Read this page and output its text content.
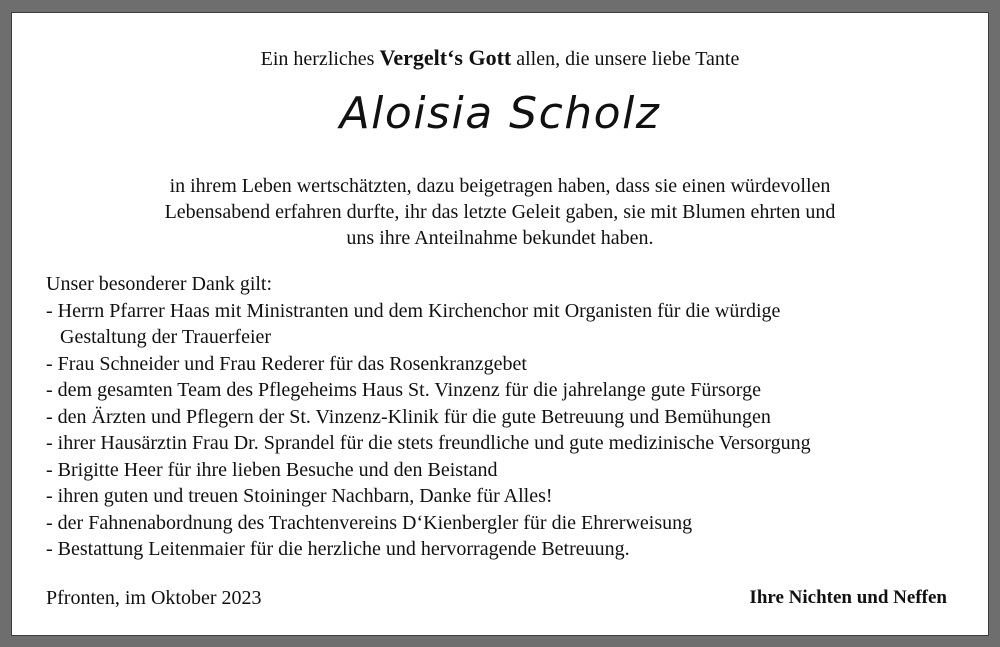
Ein herzliches Vergelt‘s Gott allen, die unsere liebe Tante
Aloisia Scholz
in ihrem Leben wertschätzten, dazu beigetragen haben, dass sie einen würdevollen
Lebensabend erfahren durfte, ihr das letzte Geleit gaben, sie mit Blumen ehrten und
uns ihre Anteilnahme bekundet haben.
Unser besonderer Dank gilt:
- Herrn Pfarrer Haas mit Ministranten und dem Kirchenchor mit Organisten für die würdige
Gestaltung der Trauerfeier
- Frau Schneider und Frau Rederer für das Rosenkranzgebet
- dem gesamten Team des Pflegeheims Haus St. Vinzenz für die jahrelange gute Fürsorge
- den Ärzten und Pflegern der St. Vinzenz-Klinik für die gute Betreuung und Bemühungen
- ihrer Hausärztin Frau Dr. Sprandel für die stets freundliche und gute medizinische Versorgung
- Brigitte Heer für ihre lieben Besuche und den Beistand
- ihren guten und treuen Stoininger Nachbarn, Danke für Alles!
- der Fahnenabordnung des Trachtenvereins D‘Kienbergler für die Ehrerweisung
- Bestattung Leitenmaier für die herzliche und hervorragende Betreuung.
Pfronten, im Oktober 2023	Ihre Nichten und Neffen
